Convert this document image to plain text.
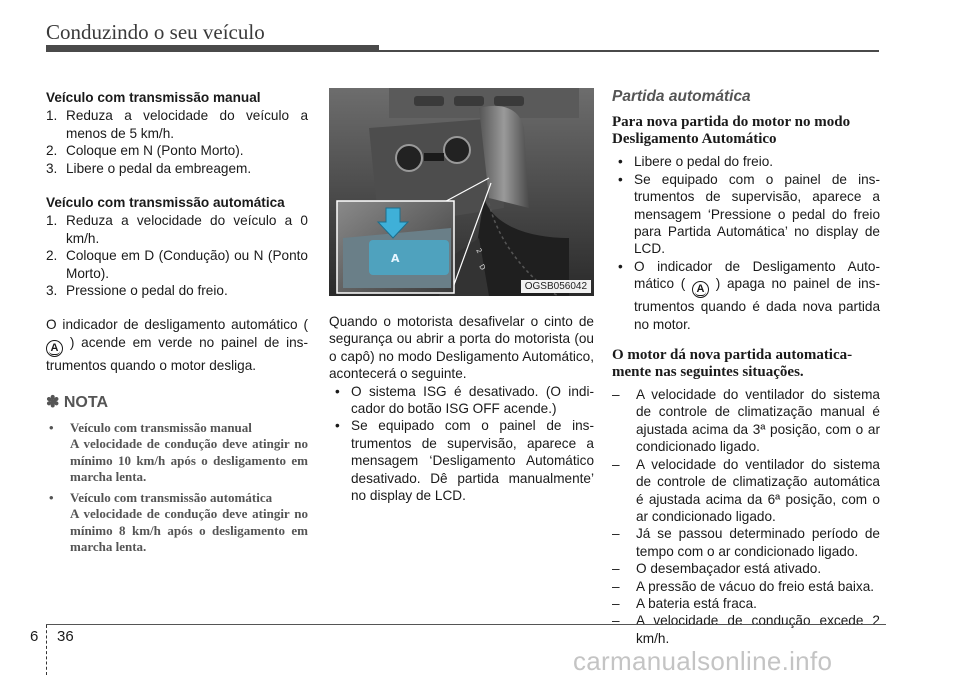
Conduzindo o seu veículo
Veículo com transmissão manual
1. Reduza a velocidade do veículo a menos de 5 km/h.
2. Coloque em N (Ponto Morto).
3. Libere o pedal da embreagem.
Veículo com transmissão automática
1. Reduza a velocidade do veículo a 0 km/h.
2. Coloque em D (Condução) ou N (Ponto Morto).
3. Pressione o pedal do freio.
O indicador de desligamento automático ( A ) acende em verde no painel de instrumentos quando o motor desliga.
✽ NOTA
•	Veículo com transmissão manual
A velocidade de condução deve atingir no mínimo 10 km/h após o desligamento em marcha lenta.
•	Veículo com transmissão automática
A velocidade de condução deve atingir no mínimo 8 km/h após o desligamento em marcha lenta.
2
D
A
OGSB056042
Quando o motorista desafivelar o cinto de segurança ou abrir a porta do motorista (ou o capô) no modo Desligamento Automático, acontecerá o seguinte.
• O sistema ISG é desativado. (O indicador do botão ISG OFF acende.)
• Se equipado com o painel de instrumentos de supervisão, aparece a mensagem ‘Desligamento Automático desativado. Dê partida manualmente’ no display de LCD.
Partida automática
Para nova partida do motor no modo Desligamento Automático
• Libere o pedal do freio.
• Se equipado com o painel de instrumentos de supervisão, aparece a mensagem ‘Pressione o pedal do freio para Partida Automática’ no display de LCD.
• O indicador de Desligamento Automático ( A ) apaga no painel de instrumentos quando é dada nova partida no motor.
O motor dá nova partida automaticamente nas seguintes situações.
–	A velocidade do ventilador do sistema de controle de climatização manual é ajustada acima da 3ª posição, com o ar condicionado ligado.
–	A velocidade do ventilador do sistema de controle de climatização automática é ajustada acima da 6ª posição, com o ar condicionado ligado.
–	Já se passou determinado período de tempo com o ar condicionado ligado.
–	O desembaçador está ativado.
–	A pressão de vácuo do freio está baixa.
–	A bateria está fraca.
–	A velocidade de condução excede 2 km/h.
6 36
carmanualsonline.info
